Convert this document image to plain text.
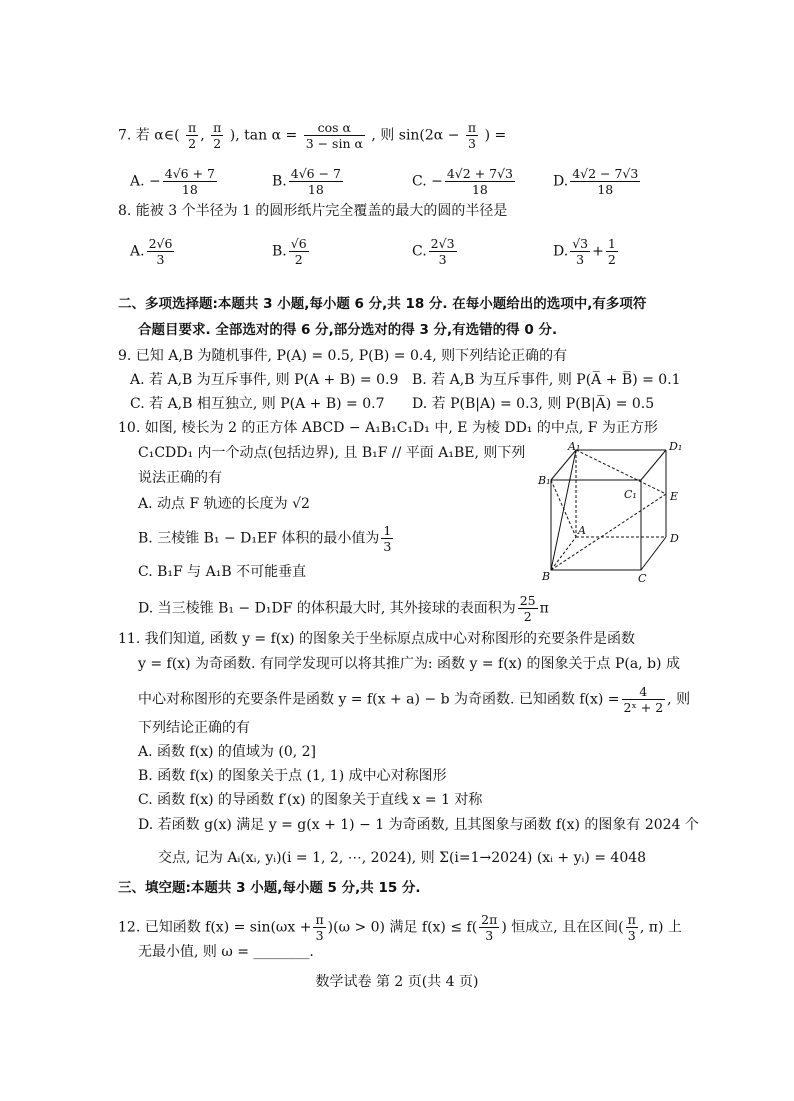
7. 若 α∈( $\frac{\pi}{2}$ , $\frac{\pi}{2}$ ), $\tan \alpha = \frac{\text{cos α}}{\text{3 − sin α}}$ , 则 $\sin(2\alpha - \frac{\pi}{3}$ ) =
A. − $\frac{4√6 + 7}{18}$	B. $\frac{4√6 - 7}{18}$	C. − $\frac{4√2 + 7√3}{18}$	D. $\frac{4√2 - 7√3}{18}$
8. 能被 3 个半径为 1 的圆形纸片完全覆盖的最大的圆的半径是
A. $\frac{2√6}{3}$	B. $\frac{√6}{2}$	C. $\frac{2√3}{3}$	D. $\frac{√3}{3} + \frac{1}{2}$
二、多项选择题:本题共 3 小题,每小题 6 分,共 18 分. 在每小题给出的选项中,有多项符
合题目要求. 全部选对的得 6 分,部分选对的得 3 分,有选错的得 0 分.
9. 已知 A,B 为随机事件, P(A) = 0.5, P(B) = 0.4, 则下列结论正确的有
A. 若 A,B 为互斥事件, 则 P(A + B) = 0.9 B. 若 A,B 为互斥事件, 则 P(A̅ + B̅) = 0.1
C. 若 A,B 相互独立, 则 P(A + B) = 0.7 D. 若 P(B|A) = 0.3, 则 P(B|A̅) = 0.5
10. 如图, 棱长为 2 的正方体 ABCD − A₁B₁C₁D₁ 中, E 为棱 DD₁ 的中点, F 为正方形
C₁CDD₁ 内一个动点(包括边界), 且 B₁F // 平面 A₁BE, 则下列
说法正确的有
A. 动点 F 轨迹的长度为 √2
B. 三棱锥 B₁ − D₁EF 体积的最小值为 $\frac{1}{3}$
C. B₁F 与 A₁B 不可能垂直
D. 当三棱锥 B₁ − D₁DF 的体积最大时, 其外接球的表面积为 $\frac{25}{2}$ π
A₁	D₁
B₁
C₁	E
A
D
B	C
11. 我们知道, 函数 y = f(x) 的图象关于坐标原点成中心对称图形的充要条件是函数
y = f(x) 为奇函数. 有同学发现可以将其推广为: 函数 y = f(x) 的图象关于点 P(a, b) 成
中心对称图形的充要条件是函数 y = f(x + a) − b 为奇函数. 已知函数 $f(x) = \frac{4}{\text{2ˣ + 2}}$ , 则
下列结论正确的有
A. 函数 f(x) 的值域为 (0, 2]
B. 函数 f(x) 的图象关于点 (1, 1) 成中心对称图形
C. 函数 f(x) 的导函数 f′(x) 的图象关于直线 x = 1 对称
D. 若函数 g(x) 满足 y = g(x + 1) − 1 为奇函数, 且其图象与函数 f(x) 的图象有 2024 个
交点, 记为 Aᵢ(xᵢ, yᵢ)(i = 1, 2, ⋯, 2024), 则 Σ(i=1→2024) (xᵢ + yᵢ) = 4048
三、填空题:本题共 3 小题,每小题 5 分,共 15 分.
12. 已知函数 $f(x) = \sin(\omega x + \frac{\pi}{3} )(\omega > 0)$ 满足 $f(x) \le f( \frac{2\pi}{3}$ ) 恒成立, 且在区间( $\frac{\pi}{3}$ , π) 上
无最小值, 则 ω = ________.
数学试卷 第 2 页(共 4 页)
